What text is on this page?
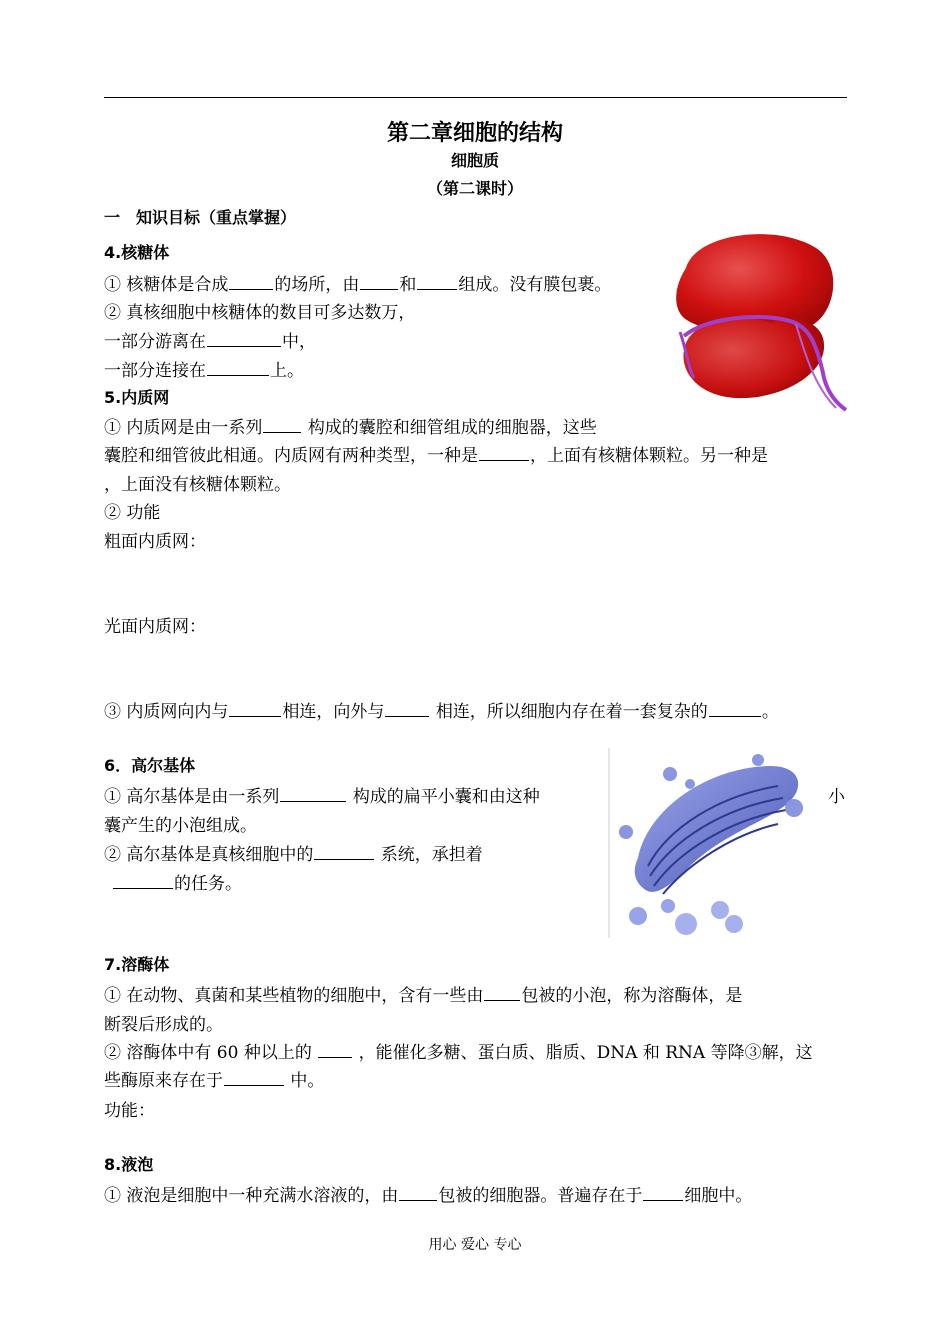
第二章细胞的结构
细胞质
（第二课时）
一　知识目标（重点掌握）
4.核糖体
① 核糖体是合成	的场所，由 和 组成。没有膜包裹。
② 真核细胞中核糖体的数目可多达数万，
一部分游离在	中，
一部分连接在	上。
5.内质网
① 内质网是由一系列	构成的囊腔和细管组成的细胞器，这些
囊腔和细管彼此相通。内质网有两种类型，一种是	，上面有核糖体颗粒。另一种是
，上面没有核糖体颗粒。
② 功能
粗面内质网：
光面内质网：
③ 内质网向内与	相连，向外与	相连，所以细胞内存在着一套复杂的	。
6．高尔基体
① 高尔基体是由一系列	构成的扁平小囊和由这种	小
囊产生的小泡组成。
② 高尔基体是真核细胞中的	系统，承担着
的任务。
7.溶酶体
① 在动物、真菌和某些植物的细胞中，含有一些由 包被的小泡，称为溶酶体，是
断裂后形成的。
② 溶酶体中有 60 种以上的	，能催化多糖、蛋白质、脂质、DNA 和 RNA 等降③解，这
些酶原来存在于	中。
功能：
8.液泡
① 液泡是细胞中一种充满水溶液的，由 包被的细胞器。普遍存在于 细胞中。
用心 爱心 专心
